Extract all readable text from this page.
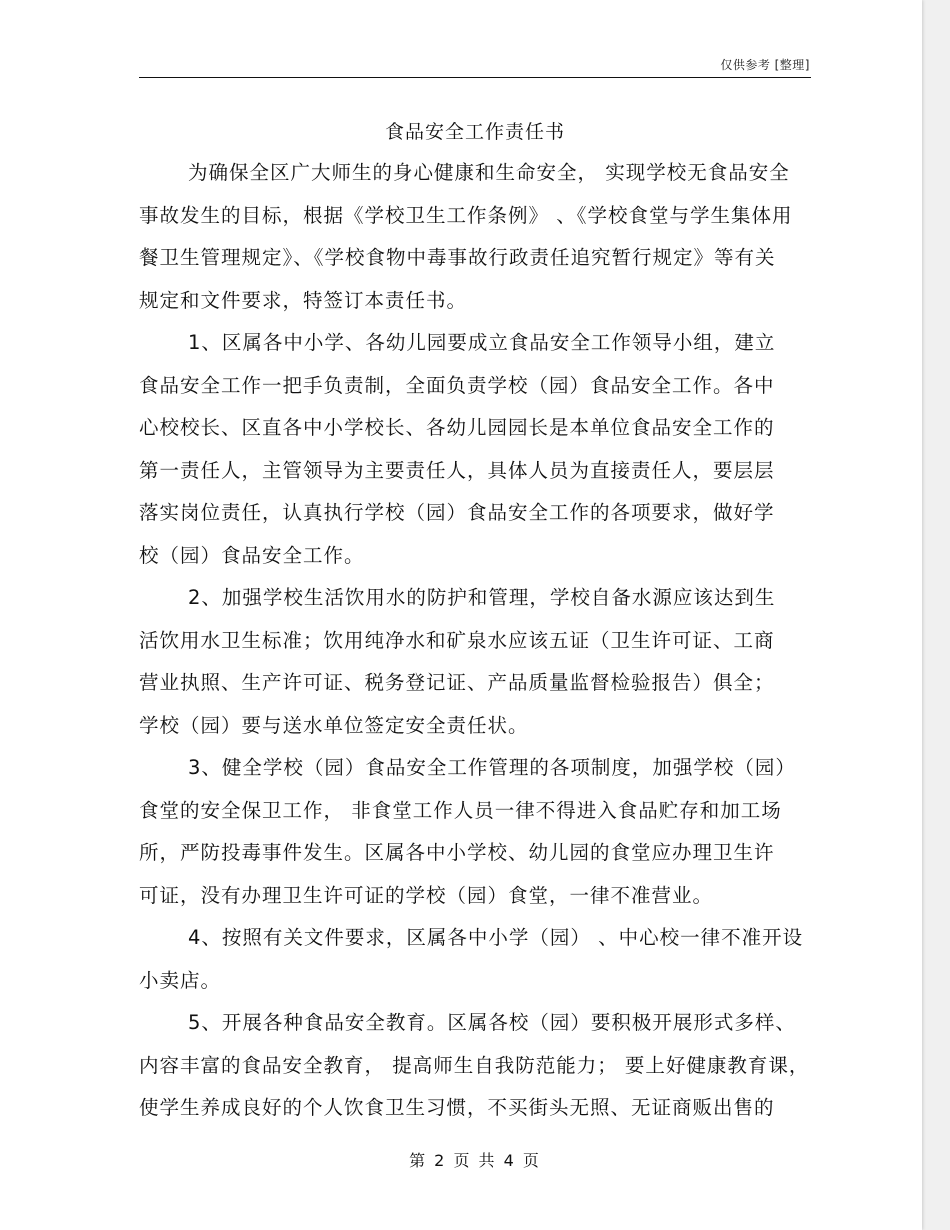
仅供参考 [整理]
食品安全工作责任书
为确保全区广大师生的身心健康和生命安全， 实现学校无食品安全
事故发生的目标，根据《学校卫生工作条例》 、《学校食堂与学生集体用
餐卫生管理规定》、《学校食物中毒事故行政责任追究暂行规定》等有关
规定和文件要求，特签订本责任书。
1、区属各中小学、各幼儿园要成立食品安全工作领导小组，建立
食品安全工作一把手负责制，全面负责学校（园）食品安全工作。各中
心校校长、区直各中小学校长、各幼儿园园长是本单位食品安全工作的
第一责任人，主管领导为主要责任人，具体人员为直接责任人，要层层
落实岗位责任，认真执行学校（园）食品安全工作的各项要求，做好学
校（园）食品安全工作。
2、加强学校生活饮用水的防护和管理，学校自备水源应该达到生
活饮用水卫生标准；饮用纯净水和矿泉水应该五证（卫生许可证、工商
营业执照、生产许可证、税务登记证、产品质量监督检验报告）俱全；
学校（园）要与送水单位签定安全责任状。
3、健全学校（园）食品安全工作管理的各项制度，加强学校（园）
食堂的安全保卫工作， 非食堂工作人员一律不得进入食品贮存和加工场
所，严防投毒事件发生。区属各中小学校、幼儿园的食堂应办理卫生许
可证，没有办理卫生许可证的学校（园）食堂，一律不准营业。
4、按照有关文件要求，区属各中小学（园） 、中心校一律不准开设
小卖店。
5、开展各种食品安全教育。区属各校（园）要积极开展形式多样、
内容丰富的食品安全教育， 提高师生自我防范能力； 要上好健康教育课，
使学生养成良好的个人饮食卫生习惯，不买街头无照、无证商贩出售的
第 2 页 共 4 页
